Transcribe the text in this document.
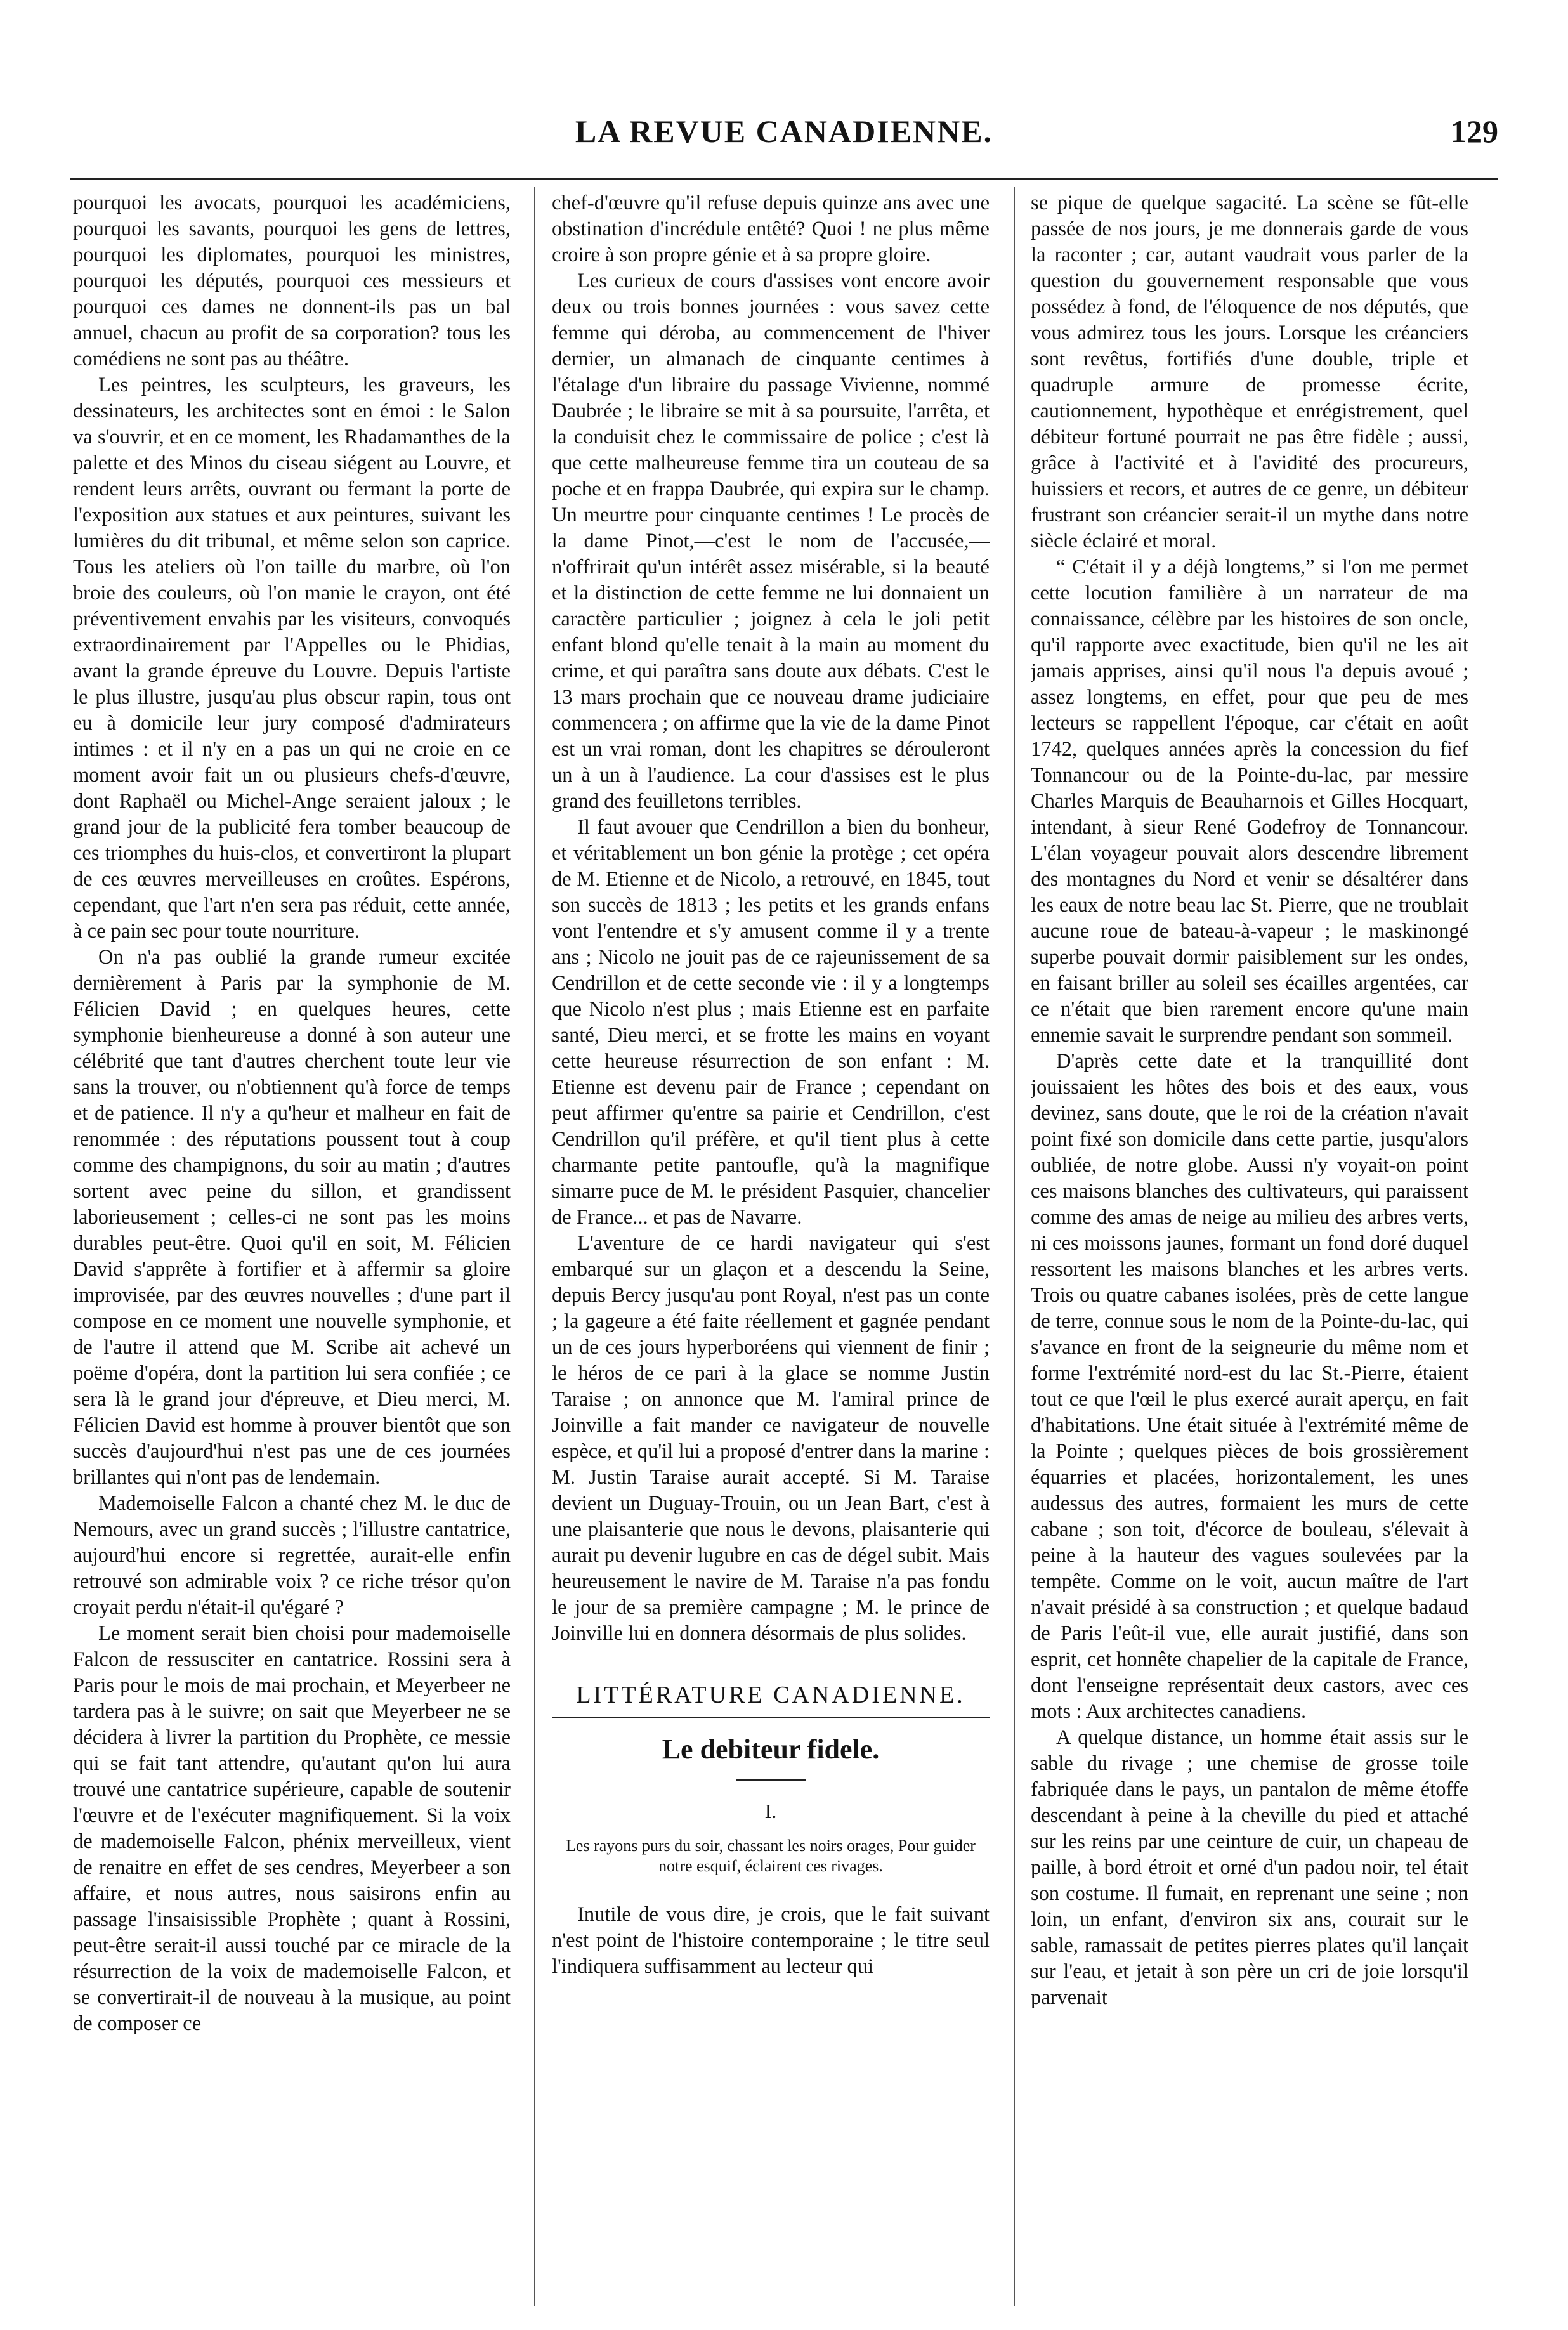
LA REVUE CANADIENNE.	129

pourquoi les avocats, pourquoi les académiciens, pourquoi les savants, pourquoi les gens de lettres, pourquoi les diplomates, pourquoi les ministres, pourquoi les députés, pourquoi ces messieurs et pourquoi ces dames ne donnent-ils pas un bal annuel, chacun au profit de sa corporation? tous les comédiens ne sont pas au théâtre.

Les peintres, les sculpteurs, les graveurs, les dessinateurs, les architectes sont en émoi : le Salon va s'ouvrir, et en ce moment, les Rhadamanthes de la palette et des Minos du ciseau siégent au Louvre, et rendent leurs arrêts, ouvrant ou fermant la porte de l'exposition aux statues et aux peintures, suivant les lumières du dit tribunal, et même selon son caprice. Tous les ateliers où l'on taille du marbre, où l'on broie des couleurs, où l'on manie le crayon, ont été préventivement envahis par les visiteurs, convoqués extraordinairement par l'Appelles ou le Phidias, avant la grande épreuve du Louvre. Depuis l'artiste le plus illustre, jusqu'au plus obscur rapin, tous ont eu à domicile leur jury composé d'admirateurs intimes : et il n'y en a pas un qui ne croie en ce moment avoir fait un ou plusieurs chefs-d'œuvre, dont Raphaël ou Michel-Ange seraient jaloux ; le grand jour de la publicité fera tomber beaucoup de ces triomphes du huis-clos, et convertiront la plupart de ces œuvres merveilleuses en croûtes. Espérons, cependant, que l'art n'en sera pas réduit, cette année, à ce pain sec pour toute nourriture.

On n'a pas oublié la grande rumeur excitée dernièrement à Paris par la symphonie de M. Félicien David ; en quelques heures, cette symphonie bienheureuse a donné à son auteur une célébrité que tant d'autres cherchent toute leur vie sans la trouver, ou n'obtiennent qu'à force de temps et de patience. Il n'y a qu'heur et malheur en fait de renommée : des réputations poussent tout à coup comme des champignons, du soir au matin ; d'autres sortent avec peine du sillon, et grandissent laborieusement ; celles-ci ne sont pas les moins durables peut-être. Quoi qu'il en soit, M. Félicien David s'apprête à fortifier et à affermir sa gloire improvisée, par des œuvres nouvelles ; d'une part il compose en ce moment une nouvelle symphonie, et de l'autre il attend que M. Scribe ait achevé un poëme d'opéra, dont la partition lui sera confiée ; ce sera là le grand jour d'épreuve, et Dieu merci, M. Félicien David est homme à prouver bientôt que son succès d'aujourd'hui n'est pas une de ces journées brillantes qui n'ont pas de lendemain.

Mademoiselle Falcon a chanté chez M. le duc de Nemours, avec un grand succès ; l'illustre cantatrice, aujourd'hui encore si regrettée, aurait-elle enfin retrouvé son admirable voix ? ce riche trésor qu'on croyait perdu n'était-il qu'égaré ?

Le moment serait bien choisi pour mademoiselle Falcon de ressusciter en cantatrice. Rossini sera à Paris pour le mois de mai prochain, et Meyerbeer ne tardera pas à le suivre; on sait que Meyerbeer ne se décidera à livrer la partition du Prophète, ce messie qui se fait tant attendre, qu'autant qu'on lui aura trouvé une cantatrice supérieure, capable de soutenir l'œuvre et de l'exécuter magnifiquement. Si la voix de mademoiselle Falcon, phénix merveilleux, vient de renaitre en effet de ses cendres, Meyerbeer a son affaire, et nous autres, nous saisirons enfin au passage l'insaisissible Prophète ; quant à Rossini, peut-être serait-il aussi touché par ce miracle de la résurrection de la voix de mademoiselle Falcon, et se convertirait-il de nouveau à la musique, au point de composer ce

chef-d'œuvre qu'il refuse depuis quinze ans avec une obstination d'incrédule entêté? Quoi ! ne plus même croire à son propre génie et à sa propre gloire.

Les curieux de cours d'assises vont encore avoir deux ou trois bonnes journées : vous savez cette femme qui déroba, au commencement de l'hiver dernier, un almanach de cinquante centimes à l'étalage d'un libraire du passage Vivienne, nommé Daubrée ; le libraire se mit à sa poursuite, l'arrêta, et la conduisit chez le commissaire de police ; c'est là que cette malheureuse femme tira un couteau de sa poche et en frappa Daubrée, qui expira sur le champ. Un meurtre pour cinquante centimes ! Le procès de la dame Pinot,—c'est le nom de l'accusée,—n'offrirait qu'un intérêt assez misérable, si la beauté et la distinction de cette femme ne lui donnaient un caractère particulier ; joignez à cela le joli petit enfant blond qu'elle tenait à la main au moment du crime, et qui paraîtra sans doute aux débats. C'est le 13 mars prochain que ce nouveau drame judiciaire commencera ; on affirme que la vie de la dame Pinot est un vrai roman, dont les chapitres se dérouleront un à un à l'audience. La cour d'assises est le plus grand des feuilletons terribles.

Il faut avouer que Cendrillon a bien du bonheur, et véritablement un bon génie la protège ; cet opéra de M. Etienne et de Nicolo, a retrouvé, en 1845, tout son succès de 1813 ; les petits et les grands enfans vont l'entendre et s'y amusent comme il y a trente ans ; Nicolo ne jouit pas de ce rajeunissement de sa Cendrillon et de cette seconde vie : il y a longtemps que Nicolo n'est plus ; mais Etienne est en parfaite santé, Dieu merci, et se frotte les mains en voyant cette heureuse résurrection de son enfant : M. Etienne est devenu pair de France ; cependant on peut affirmer qu'entre sa pairie et Cendrillon, c'est Cendrillon qu'il préfère, et qu'il tient plus à cette charmante petite pantoufle, qu'à la magnifique simarre puce de M. le président Pasquier, chancelier de France... et pas de Navarre.

L'aventure de ce hardi navigateur qui s'est embarqué sur un glaçon et a descendu la Seine, depuis Bercy jusqu'au pont Royal, n'est pas un conte ; la gageure a été faite réellement et gagnée pendant un de ces jours hyperboréens qui viennent de finir ; le héros de ce pari à la glace se nomme Justin Taraise ; on annonce que M. l'amiral prince de Joinville a fait mander ce navigateur de nouvelle espèce, et qu'il lui a proposé d'entrer dans la marine : M. Justin Taraise aurait accepté. Si M. Taraise devient un Duguay-Trouin, ou un Jean Bart, c'est à une plaisanterie que nous le devons, plaisanterie qui aurait pu devenir lugubre en cas de dégel subit. Mais heureusement le navire de M. Taraise n'a pas fondu le jour de sa première campagne ; M. le prince de Joinville lui en donnera désormais de plus solides.

LITTÉRATURE CANADIENNE.
Le debiteur fidele.
I.
Les rayons purs du soir, chassant les noirs orages, Pour guider notre esquif, éclairent ces rivages.

Inutile de vous dire, je crois, que le fait suivant n'est point de l'histoire contemporaine ; le titre seul l'indiquera suffisamment au lecteur qui

se pique de quelque sagacité. La scène se fût-elle passée de nos jours, je me donnerais garde de vous la raconter ; car, autant vaudrait vous parler de la question du gouvernement responsable que vous possédez à fond, de l'éloquence de nos députés, que vous admirez tous les jours. Lorsque les créanciers sont revêtus, fortifiés d'une double, triple et quadruple armure de promesse écrite, cautionnement, hypothèque et enrégistrement, quel débiteur fortuné pourrait ne pas être fidèle ; aussi, grâce à l'activité et à l'avidité des procureurs, huissiers et recors, et autres de ce genre, un débiteur frustrant son créancier serait-il un mythe dans notre siècle éclairé et moral.

“ C'était il y a déjà longtems,” si l'on me permet cette locution familière à un narrateur de ma connaissance, célèbre par les histoires de son oncle, qu'il rapporte avec exactitude, bien qu'il ne les ait jamais apprises, ainsi qu'il nous l'a depuis avoué ; assez longtems, en effet, pour que peu de mes lecteurs se rappellent l'époque, car c'était en août 1742, quelques années après la concession du fief Tonnancour ou de la Pointe-du-lac, par messire Charles Marquis de Beauharnois et Gilles Hocquart, intendant, à sieur René Godefroy de Tonnancour. L'élan voyageur pouvait alors descendre librement des montagnes du Nord et venir se désaltérer dans les eaux de notre beau lac St. Pierre, que ne troublait aucune roue de bateau-à-vapeur ; le maskinongé superbe pouvait dormir paisiblement sur les ondes, en faisant briller au soleil ses écailles argentées, car ce n'était que bien rarement encore qu'une main ennemie savait le surprendre pendant son sommeil.

D'après cette date et la tranquillité dont jouissaient les hôtes des bois et des eaux, vous devinez, sans doute, que le roi de la création n'avait point fixé son domicile dans cette partie, jusqu'alors oubliée, de notre globe. Aussi n'y voyait-on point ces maisons blanches des cultivateurs, qui paraissent comme des amas de neige au milieu des arbres verts, ni ces moissons jaunes, formant un fond doré duquel ressortent les maisons blanches et les arbres verts. Trois ou quatre cabanes isolées, près de cette langue de terre, connue sous le nom de la Pointe-du-lac, qui s'avance en front de la seigneurie du même nom et forme l'extrémité nord-est du lac St.-Pierre, étaient tout ce que l'œil le plus exercé aurait aperçu, en fait d'habitations. Une était située à l'extrémité même de la Pointe ; quelques pièces de bois grossièrement équarries et placées, horizontalement, les unes audessus des autres, formaient les murs de cette cabane ; son toit, d'écorce de bouleau, s'élevait à peine à la hauteur des vagues soulevées par la tempête. Comme on le voit, aucun maître de l'art n'avait présidé à sa construction ; et quelque badaud de Paris l'eût-il vue, elle aurait justifié, dans son esprit, cet honnête chapelier de la capitale de France, dont l'enseigne représentait deux castors, avec ces mots : Aux architectes canadiens.

A quelque distance, un homme était assis sur le sable du rivage ; une chemise de grosse toile fabriquée dans le pays, un pantalon de même étoffe descendant à peine à la cheville du pied et attaché sur les reins par une ceinture de cuir, un chapeau de paille, à bord étroit et orné d'un padou noir, tel était son costume. Il fumait, en reprenant une seine ; non loin, un enfant, d'environ six ans, courait sur le sable, ramassait de petites pierres plates qu'il lançait sur l'eau, et jetait à son père un cri de joie lorsqu'il parvenait
